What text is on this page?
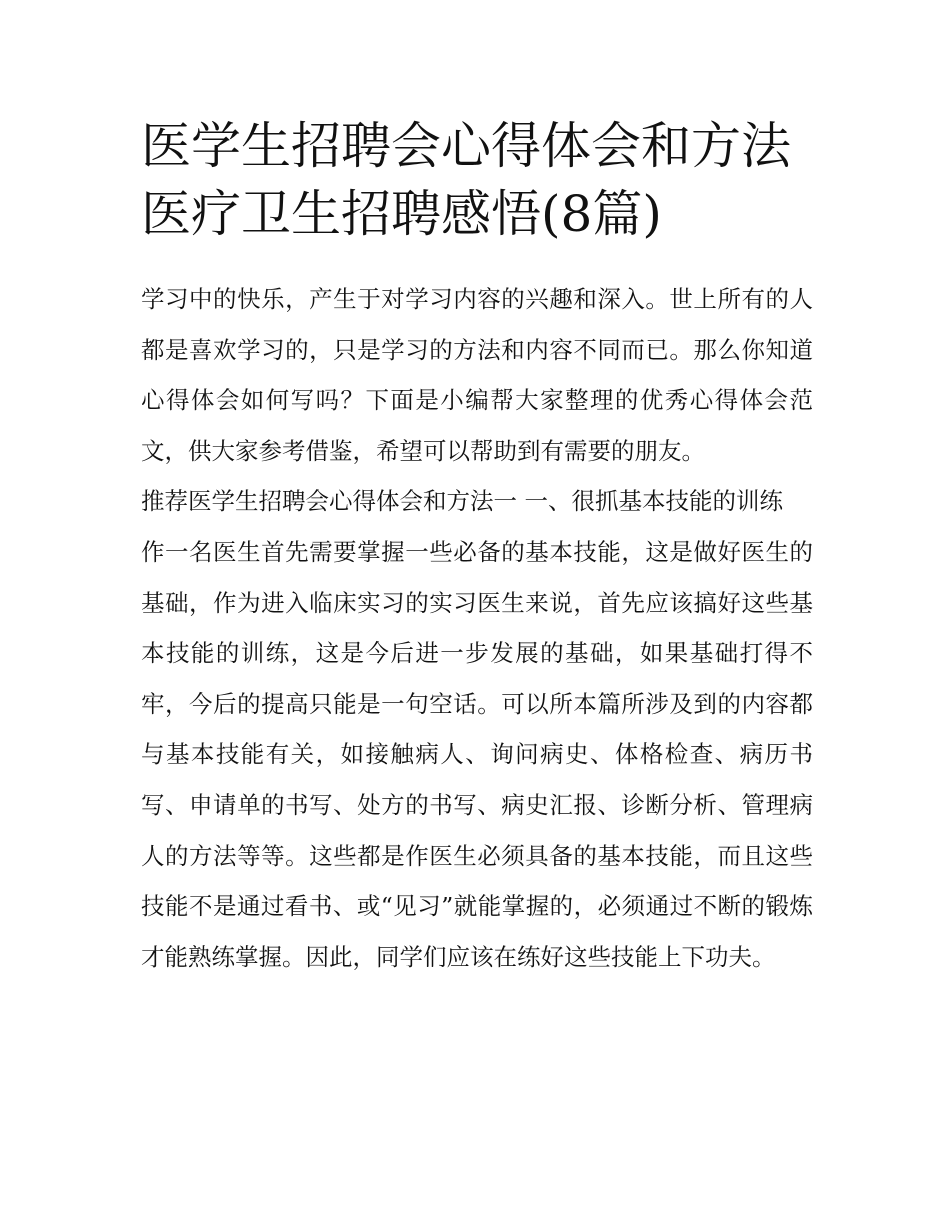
医学生招聘会心得体会和方法
医疗卫生招聘感悟(8篇)

学习中的快乐，产生于对学习内容的兴趣和深入。世上所有的人都是喜欢学习的，只是学习的方法和内容不同而已。那么你知道心得体会如何写吗？下面是小编帮大家整理的优秀心得体会范文，供大家参考借鉴，希望可以帮助到有需要的朋友。

推荐医学生招聘会心得体会和方法一 一、很抓基本技能的训练

作一名医生首先需要掌握一些必备的基本技能，这是做好医生的基础，作为进入临床实习的实习医生来说，首先应该搞好这些基本技能的训练，这是今后进一步发展的基础，如果基础打得不牢，今后的提高只能是一句空话。可以所本篇所涉及到的内容都与基本技能有关，如接触病人、询问病史、体格检查、病历书写、申请单的书写、处方的书写、病史汇报、诊断分析、管理病人的方法等等。这些都是作医生必须具备的基本技能，而且这些技能不是通过看书、或“见习”就能掌握的，必须通过不断的锻炼才能熟练掌握。因此，同学们应该在练好这些技能上下功夫。
